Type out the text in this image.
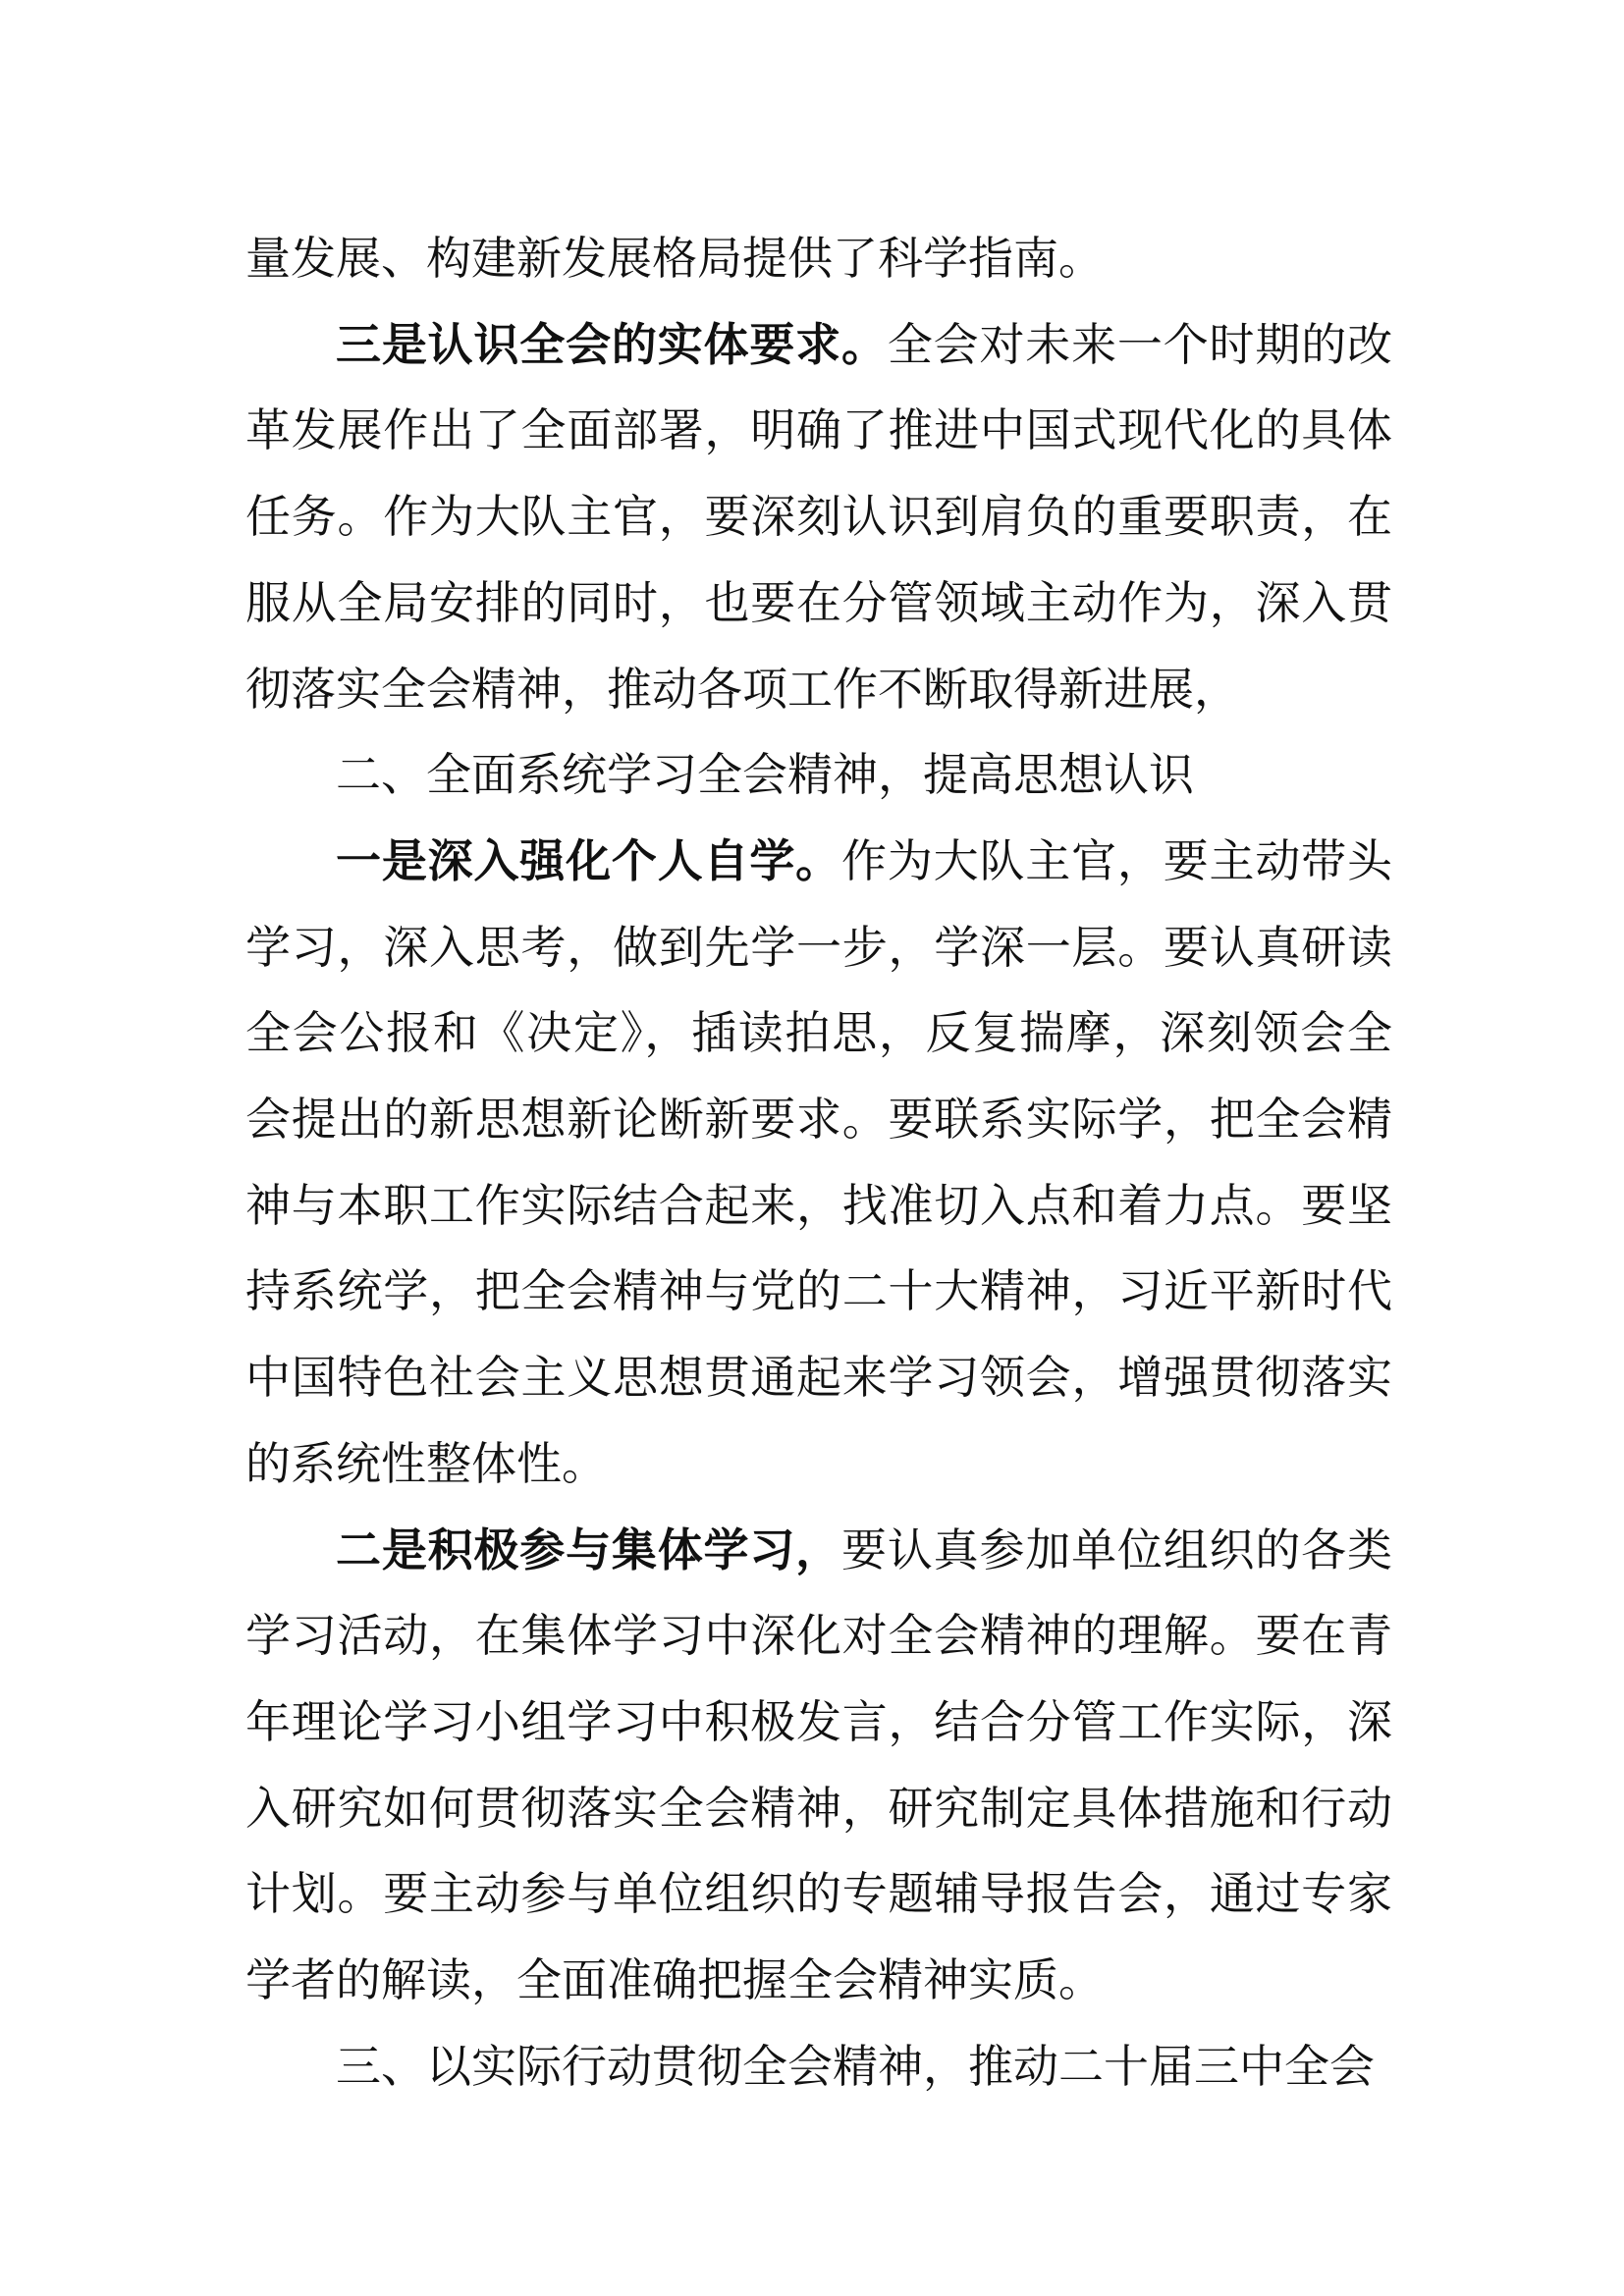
量发展、构建新发展格局提供了科学指南。

三是认识全会的实体要求。全会对未来一个时期的改革发展作出了全面部署，明确了推进中国式现代化的具体任务。作为大队主官，要深刻认识到肩负的重要职责，在服从全局安排的同时，也要在分管领域主动作为，深入贯彻落实全会精神，推动各项工作不断取得新进展，

二、全面系统学习全会精神，提高思想认识

一是深入强化个人自学。作为大队主官，要主动带头学习，深入思考，做到先学一步，学深一层。要认真研读全会公报和《决定》，插读拍思，反复揣摩，深刻领会全会提出的新思想新论断新要求。要联系实际学，把全会精神与本职工作实际结合起来，找准切入点和着力点。要坚持系统学，把全会精神与党的二十大精神，习近平新时代中国特色社会主义思想贯通起来学习领会，增强贯彻落实的系统性整体性。

二是积极参与集体学习，要认真参加单位组织的各类学习活动，在集体学习中深化对全会精神的理解。要在青年理论学习小组学习中积极发言，结合分管工作实际，深入研究如何贯彻落实全会精神，研究制定具体措施和行动计划。要主动参与单位组织的专题辅导报告会，通过专家学者的解读，全面准确把握全会精神实质。

三、以实际行动贯彻全会精神，推动二十届三中全会
